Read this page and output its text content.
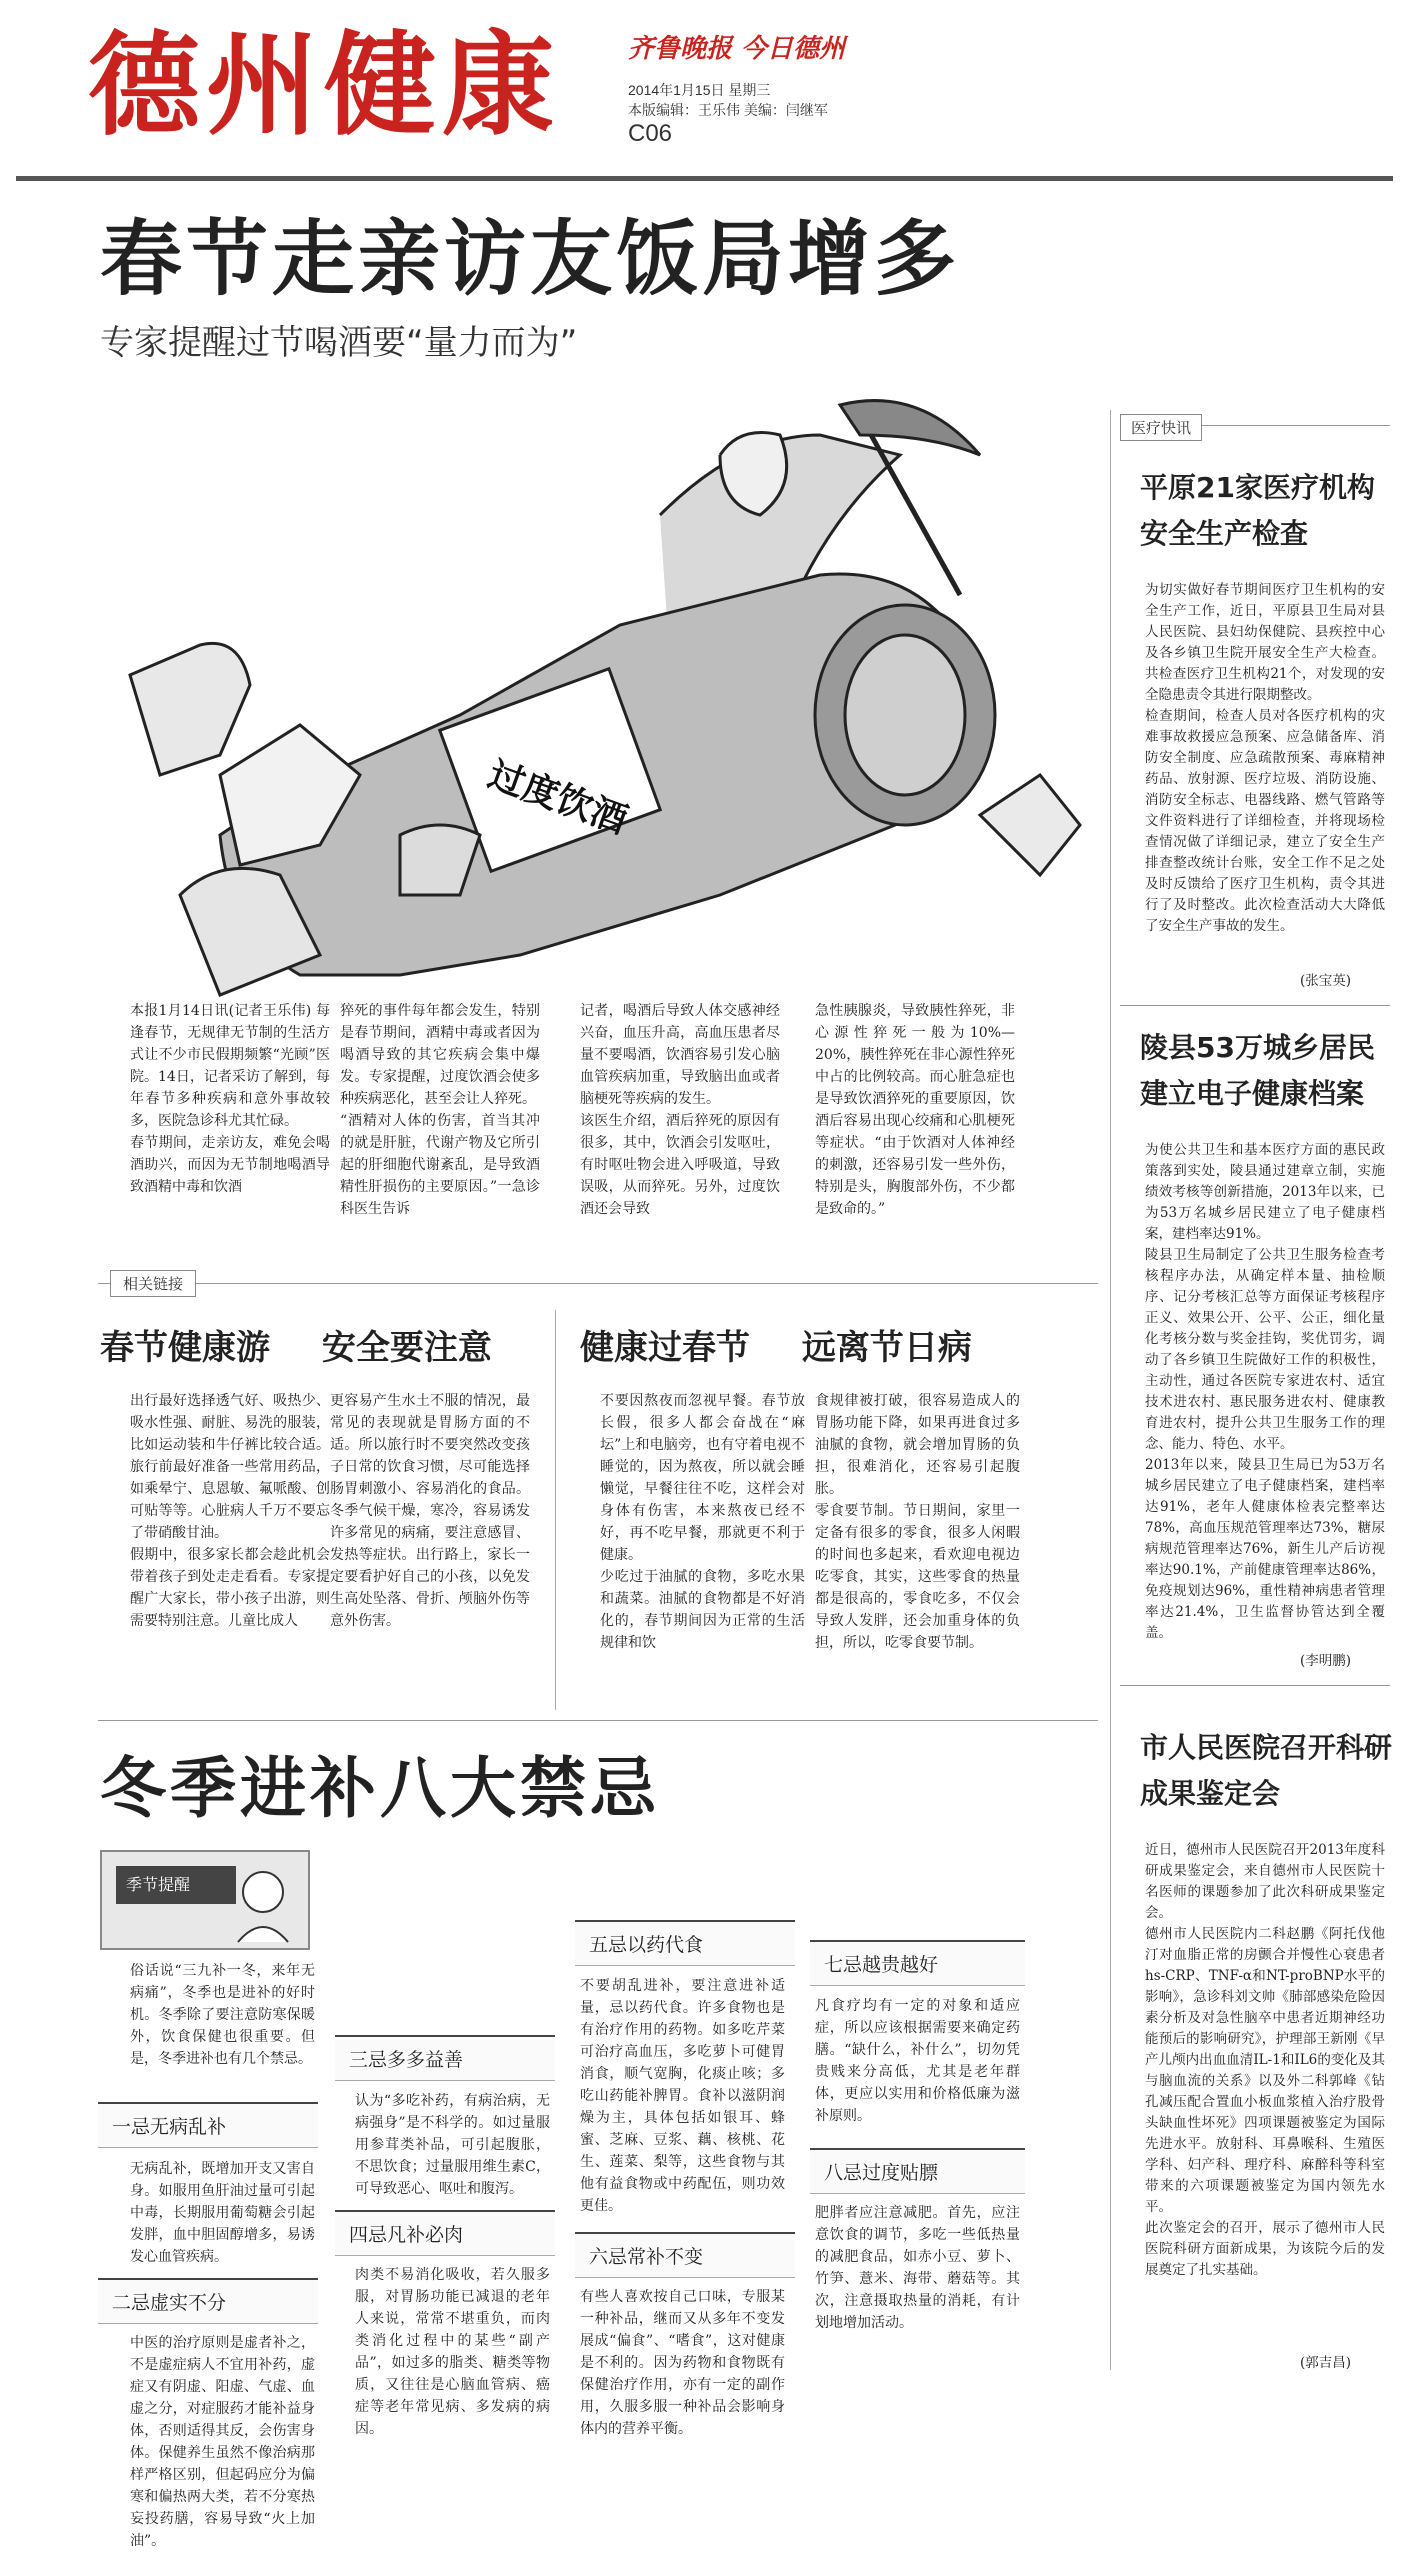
德州健康	齐鲁晚报 今日德州
2014年1月15日 星期三
本版编辑：王乐伟 美编：闫继军
C06
春节走亲访友饭局增多
专家提醒过节喝酒要“量力而为”
过度饮酒
本报1月14日讯(记者王乐伟) 每逢春节，无规律无节制的生活方式让不少市民假期频繁“光顾”医院。14日，记者采访了解到，每年春节多种疾病和意外事故较多，医院急诊科尤其忙碌。
春节期间，走亲访友，难免会喝酒助兴，而因为无节制地喝酒导致酒精中毒和饮酒
猝死的事件每年都会发生，特别是春节期间，酒精中毒或者因为喝酒导致的其它疾病会集中爆发。专家提醒，过度饮酒会使多种疾病恶化，甚至会让人猝死。
“酒精对人体的伤害，首当其冲的就是肝脏，代谢产物及它所引起的肝细胞代谢紊乱，是导致酒精性肝损伤的主要原因。”一急诊科医生告诉
记者，喝酒后导致人体交感神经兴奋，血压升高，高血压患者尽量不要喝酒，饮酒容易引发心脑血管疾病加重，导致脑出血或者脑梗死等疾病的发生。
该医生介绍，酒后猝死的原因有很多，其中，饮酒会引发呕吐，有时呕吐物会进入呼吸道，导致误吸，从而猝死。另外，过度饮酒还会导致
急性胰腺炎，导致胰性猝死，非心源性猝死一般为10%—20%，胰性猝死在非心源性猝死中占的比例较高。而心脏急症也是导致饮酒猝死的重要原因，饮酒后容易出现心绞痛和心肌梗死等症状。“由于饮酒对人体神经的刺激，还容易引发一些外伤，特别是头，胸腹部外伤，不少都是致命的。”
相关链接
春节健康游 安全要注意
出行最好选择透气好、吸热少、吸水性强、耐脏、易洗的服装，比如运动装和牛仔裤比较合适。旅行前最好准备一些常用药品，如乘晕宁、息恩敏、氟哌酸、创可贴等等。心脏病人千万不要忘了带硝酸甘油。
假期中，很多家长都会趁此机会带着孩子到处走走看看。专家提醒广大家长，带小孩子出游，则需要特别注意。儿童比成人
更容易产生水土不服的情况，最常见的表现就是胃肠方面的不适。所以旅行时不要突然改变孩子日常的饮食习惯，尽可能选择肠胃刺激小、容易消化的食品。冬季气候干燥，寒冷，容易诱发许多常见的病痛，要注意感冒、发热等症状。出行路上，家长一定要看护好自己的小孩，以免发生高处坠落、骨折、颅脑外伤等意外伤害。
健康过春节 远离节日病
不要因熬夜而忽视早餐。春节放长假，很多人都会奋战在“麻坛”上和电脑旁，也有守着电视不睡觉的，因为熬夜，所以就会睡懒觉，早餐往往不吃，这样会对身体有伤害，本来熬夜已经不好，再不吃早餐，那就更不利于健康。
少吃过于油腻的食物，多吃水果和蔬菜。油腻的食物都是不好消化的，春节期间因为正常的生活规律和饮
食规律被打破，很容易造成人的胃肠功能下降，如果再进食过多油腻的食物，就会增加胃肠的负担，很难消化，还容易引起腹胀。
零食要节制。节日期间，家里一定备有很多的零食，很多人闲暇的时间也多起来，看欢迎电视边吃零食，其实，这些零食的热量都是很高的，零食吃多，不仅会导致人发胖，还会加重身体的负担，所以，吃零食要节制。
冬季进补八大禁忌
季节提醒
俗话说“三九补一冬，来年无病痛”，冬季也是进补的好时机。冬季除了要注意防寒保暖外，饮食保健也很重要。但是，冬季进补也有几个禁忌。
一忌无病乱补
无病乱补，既增加开支又害自身。如服用鱼肝油过量可引起中毒，长期服用葡萄糖会引起发胖，血中胆固醇增多，易诱发心血管疾病。
二忌虚实不分
中医的治疗原则是虚者补之，不是虚症病人不宜用补药，虚症又有阴虚、阳虚、气虚、血虚之分，对症服药才能补益身体，否则适得其反，会伤害身体。保健养生虽然不像治病那样严格区别，但起码应分为偏寒和偏热两大类，若不分寒热妄投药膳，容易导致“火上加油”。
三忌多多益善
认为“多吃补药，有病治病，无病强身”是不科学的。如过量服用参茸类补品，可引起腹胀，不思饮食；过量服用维生素C，可导致恶心、呕吐和腹泻。
四忌凡补必肉
肉类不易消化吸收，若久服多服，对胃肠功能已减退的老年人来说，常常不堪重负，而肉类消化过程中的某些“副产品”，如过多的脂类、糖类等物质，又往往是心脑血管病、癌症等老年常见病、多发病的病因。
五忌以药代食
不要胡乱进补，要注意进补适量，忌以药代食。许多食物也是有治疗作用的药物。如多吃芹菜可治疗高血压，多吃萝卜可健胃消食，顺气宽胸，化痰止咳；多吃山药能补脾胃。食补以滋阴润燥为主，具体包括如银耳、蜂蜜、芝麻、豆浆、藕、核桃、花生、莲菜、梨等，这些食物与其他有益食物或中药配伍，则功效更佳。
六忌常补不变
有些人喜欢按自己口味，专服某一种补品，继而又从多年不变发展成“偏食”、“嗜食”，这对健康是不利的。因为药物和食物既有保健治疗作用，亦有一定的副作用，久服多服一种补品会影响身体内的营养平衡。
七忌越贵越好
凡食疗均有一定的对象和适应症，所以应该根据需要来确定药膳。“缺什么，补什么”，切勿凭贵贱来分高低，尤其是老年群体，更应以实用和价格低廉为滋补原则。
八忌过度贴膘
肥胖者应注意减肥。首先，应注意饮食的调节，多吃一些低热量的减肥食品，如赤小豆、萝卜、竹笋、薏米、海带、蘑菇等。其次，注意摄取热量的消耗，有计划地增加活动。
医疗快讯
平原21家医疗机构安全生产检查
为切实做好春节期间医疗卫生机构的安全生产工作，近日，平原县卫生局对县人民医院、县妇幼保健院、县疾控中心及各乡镇卫生院开展安全生产大检查。共检查医疗卫生机构21个，对发现的安全隐患责令其进行限期整改。
检查期间，检查人员对各医疗机构的灾难事故救援应急预案、应急储备库、消防安全制度、应急疏散预案、毒麻精神药品、放射源、医疗垃圾、消防设施、消防安全标志、电器线路、燃气管路等文件资料进行了详细检查，并将现场检查情况做了详细记录，建立了安全生产排查整改统计台账，安全工作不足之处及时反馈给了医疗卫生机构，责令其进行了及时整改。此次检查活动大大降低了安全生产事故的发生。
(张宝英)
陵县53万城乡居民建立电子健康档案
为使公共卫生和基本医疗方面的惠民政策落到实处，陵县通过建章立制，实施绩效考核等创新措施，2013年以来，已为53万名城乡居民建立了电子健康档案，建档率达91%。
陵县卫生局制定了公共卫生服务检查考核程序办法，从确定样本量、抽检顺序、记分考核汇总等方面保证考核程序正义、效果公开、公平、公正，细化量化考核分数与奖金挂钩，奖优罚劣，调动了各乡镇卫生院做好工作的积极性，主动性，通过各医院专家进农村、适宜技术进农村、惠民服务进农村、健康教育进农村，提升公共卫生服务工作的理念、能力、特色、水平。
2013年以来，陵县卫生局已为53万名城乡居民建立了电子健康档案，建档率达91%，老年人健康体检表完整率达78%，高血压规范管理率达73%，糖尿病规范管理率达76%，新生儿产后访视率达90.1%，产前健康管理率达86%，免疫规划达96%，重性精神病患者管理率达21.4%，卫生监督协管达到全覆盖。
(李明鹏)
市人民医院召开科研成果鉴定会
近日，德州市人民医院召开2013年度科研成果鉴定会，来自德州市人民医院十名医师的课题参加了此次科研成果鉴定会。
德州市人民医院内二科赵鹏《阿托伐他汀对血脂正常的房颤合并慢性心衰患者hs-CRP、TNF-α和NT-proBNP水平的影响》，急诊科刘文帅《肺部感染危险因素分析及对急性脑卒中患者近期神经功能预后的影响研究》，护理部王新刚《早产儿颅内出血血清IL-1和IL6的变化及其与脑血流的关系》以及外二科郭峰《钻孔减压配合置血小板血浆植入治疗股骨头缺血性坏死》四项课题被鉴定为国际先进水平。放射科、耳鼻喉科、生殖医学科、妇产科、理疗科、麻醉科等科室带来的六项课题被鉴定为国内领先水平。
此次鉴定会的召开，展示了德州市人民医院科研方面新成果，为该院今后的发展奠定了扎实基础。
(郭吉昌)
